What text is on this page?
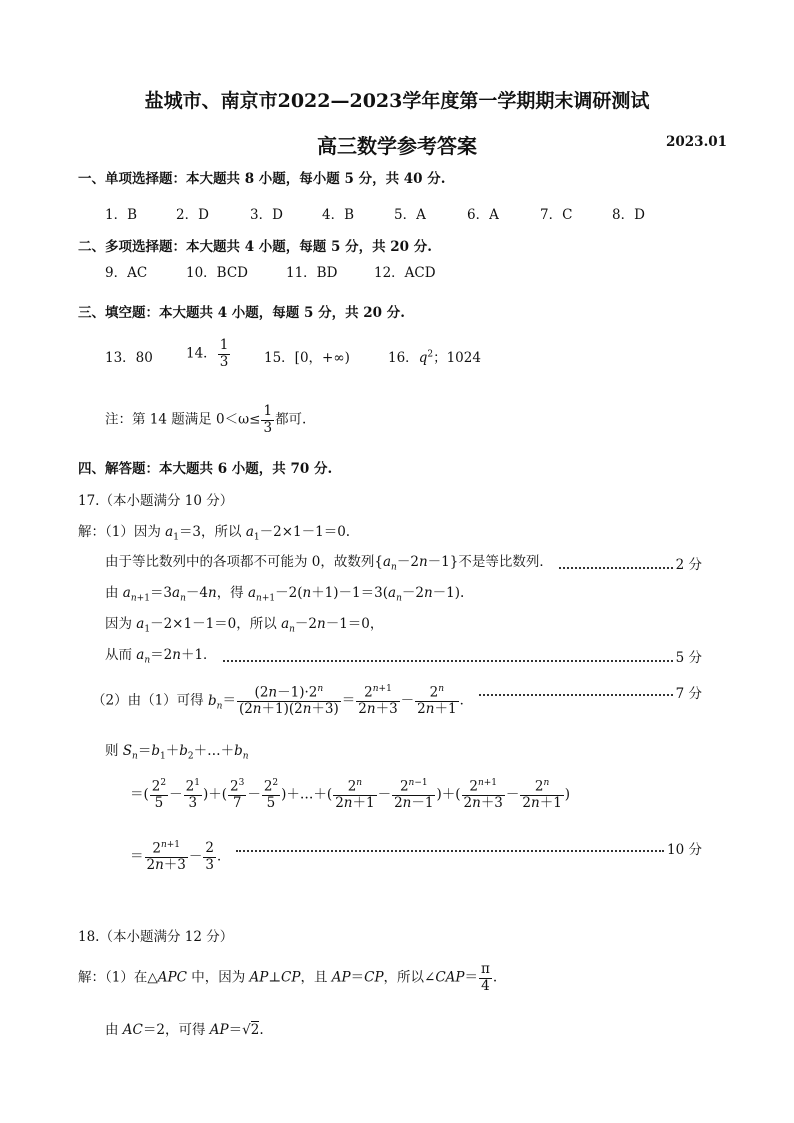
盐城市、南京市2022—2023学年度第一学期期末调研测试
高三数学参考答案	2023.01
一、单项选择题：本大题共 8 小题，每小题 5 分，共 40 分.
1．B	2．D	3．D	4．B	5．A	6．A	7．C	8．D
二、多项选择题：本大题共 4 小题，每题 5 分，共 20 分.
9．AC	10．BCD	11．BD	12．ACD
三、填空题：本大题共 4 小题，每题 5 分，共 20 分.
13．80 14． $\frac{1}{3} 15$．[0，+∞)	16．$q^2$；1024
注：第 14 题满足 $0<\omega\le \frac{1}{3}$ 都可.
四、解答题：本大题共 6 小题，共 70 分.
17.（本小题满分 10 分）
解：（1）因为 $a_1=3$，所以 $a_1-2\times 1-1=0$.
由于等比数列中的各项都不可能为 0，故数列$\{a_n-2n-1\}$不是等比数列．	2 分
由 $a_{n+1}=3a_n-4n$，得 $a_{n+1}-2(n+1)-1=3(a_n-2n-1)$.
因为 $a_1-2\times 1-1=0$，所以 $a_n-2n-1=0$，
从而 $a_n=2n+1$．	5 分
（2）由（1）可得 $b_n= \frac{(2n-1)\cdot 2^n}{(2n+1)(2n+3)} = \frac{2^{n+1}}{2n+3} - \frac{2^n}{2n+1}$ ．	7 分
则 $S_n=b_1+b_2+\dots+b_n$
＝( $\frac{2^2}{5} - \frac{2^1}{3}$ )＋( $\frac{2^3}{7} - \frac{2^2}{5}$ )＋…＋( $\frac{2^n}{2n+1} - \frac{2^{n-1}}{2n-1}$ )＋( $\frac{2^{n+1}}{2n+3} - \frac{2^n}{2n+1}$ )
＝ $\frac{2^{n+1}}{2n+3} - \frac{2}{3}$ ．	10 分
18.（本小题满分 12 分）
解：（1）在△APC 中，因为 AP⊥CP，且 AP＝CP，所以∠CAP＝ $\frac{\pi}{4}$ .
由 AC＝2，可得 AP＝√2.
